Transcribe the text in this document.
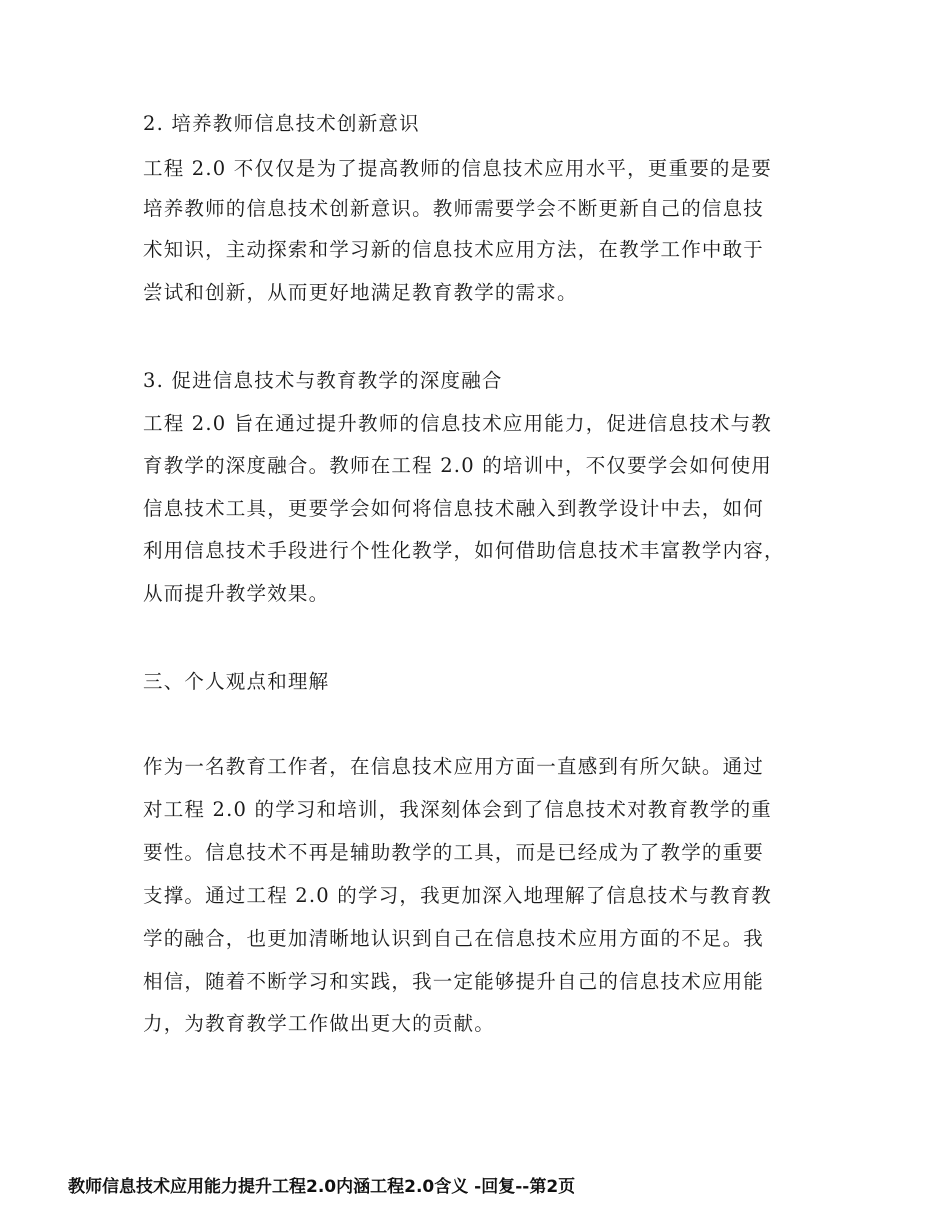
2. 培养教师信息技术创新意识
工程 2.0 不仅仅是为了提高教师的信息技术应用水平，更重要的是要
培养教师的信息技术创新意识。教师需要学会不断更新自己的信息技
术知识，主动探索和学习新的信息技术应用方法，在教学工作中敢于
尝试和创新，从而更好地满足教育教学的需求。
3. 促进信息技术与教育教学的深度融合
工程 2.0 旨在通过提升教师的信息技术应用能力，促进信息技术与教
育教学的深度融合。教师在工程 2.0 的培训中，不仅要学会如何使用
信息技术工具，更要学会如何将信息技术融入到教学设计中去，如何
利用信息技术手段进行个性化教学，如何借助信息技术丰富教学内容，
从而提升教学效果。
三、个人观点和理解
作为一名教育工作者，在信息技术应用方面一直感到有所欠缺。通过
对工程 2.0 的学习和培训，我深刻体会到了信息技术对教育教学的重
要性。信息技术不再是辅助教学的工具，而是已经成为了教学的重要
支撑。通过工程 2.0 的学习，我更加深入地理解了信息技术与教育教
学的融合，也更加清晰地认识到自己在信息技术应用方面的不足。我
相信，随着不断学习和实践，我一定能够提升自己的信息技术应用能
力，为教育教学工作做出更大的贡献。
教师信息技术应用能力提升工程2.0内涵工程2.0含义 -回复--第2页
